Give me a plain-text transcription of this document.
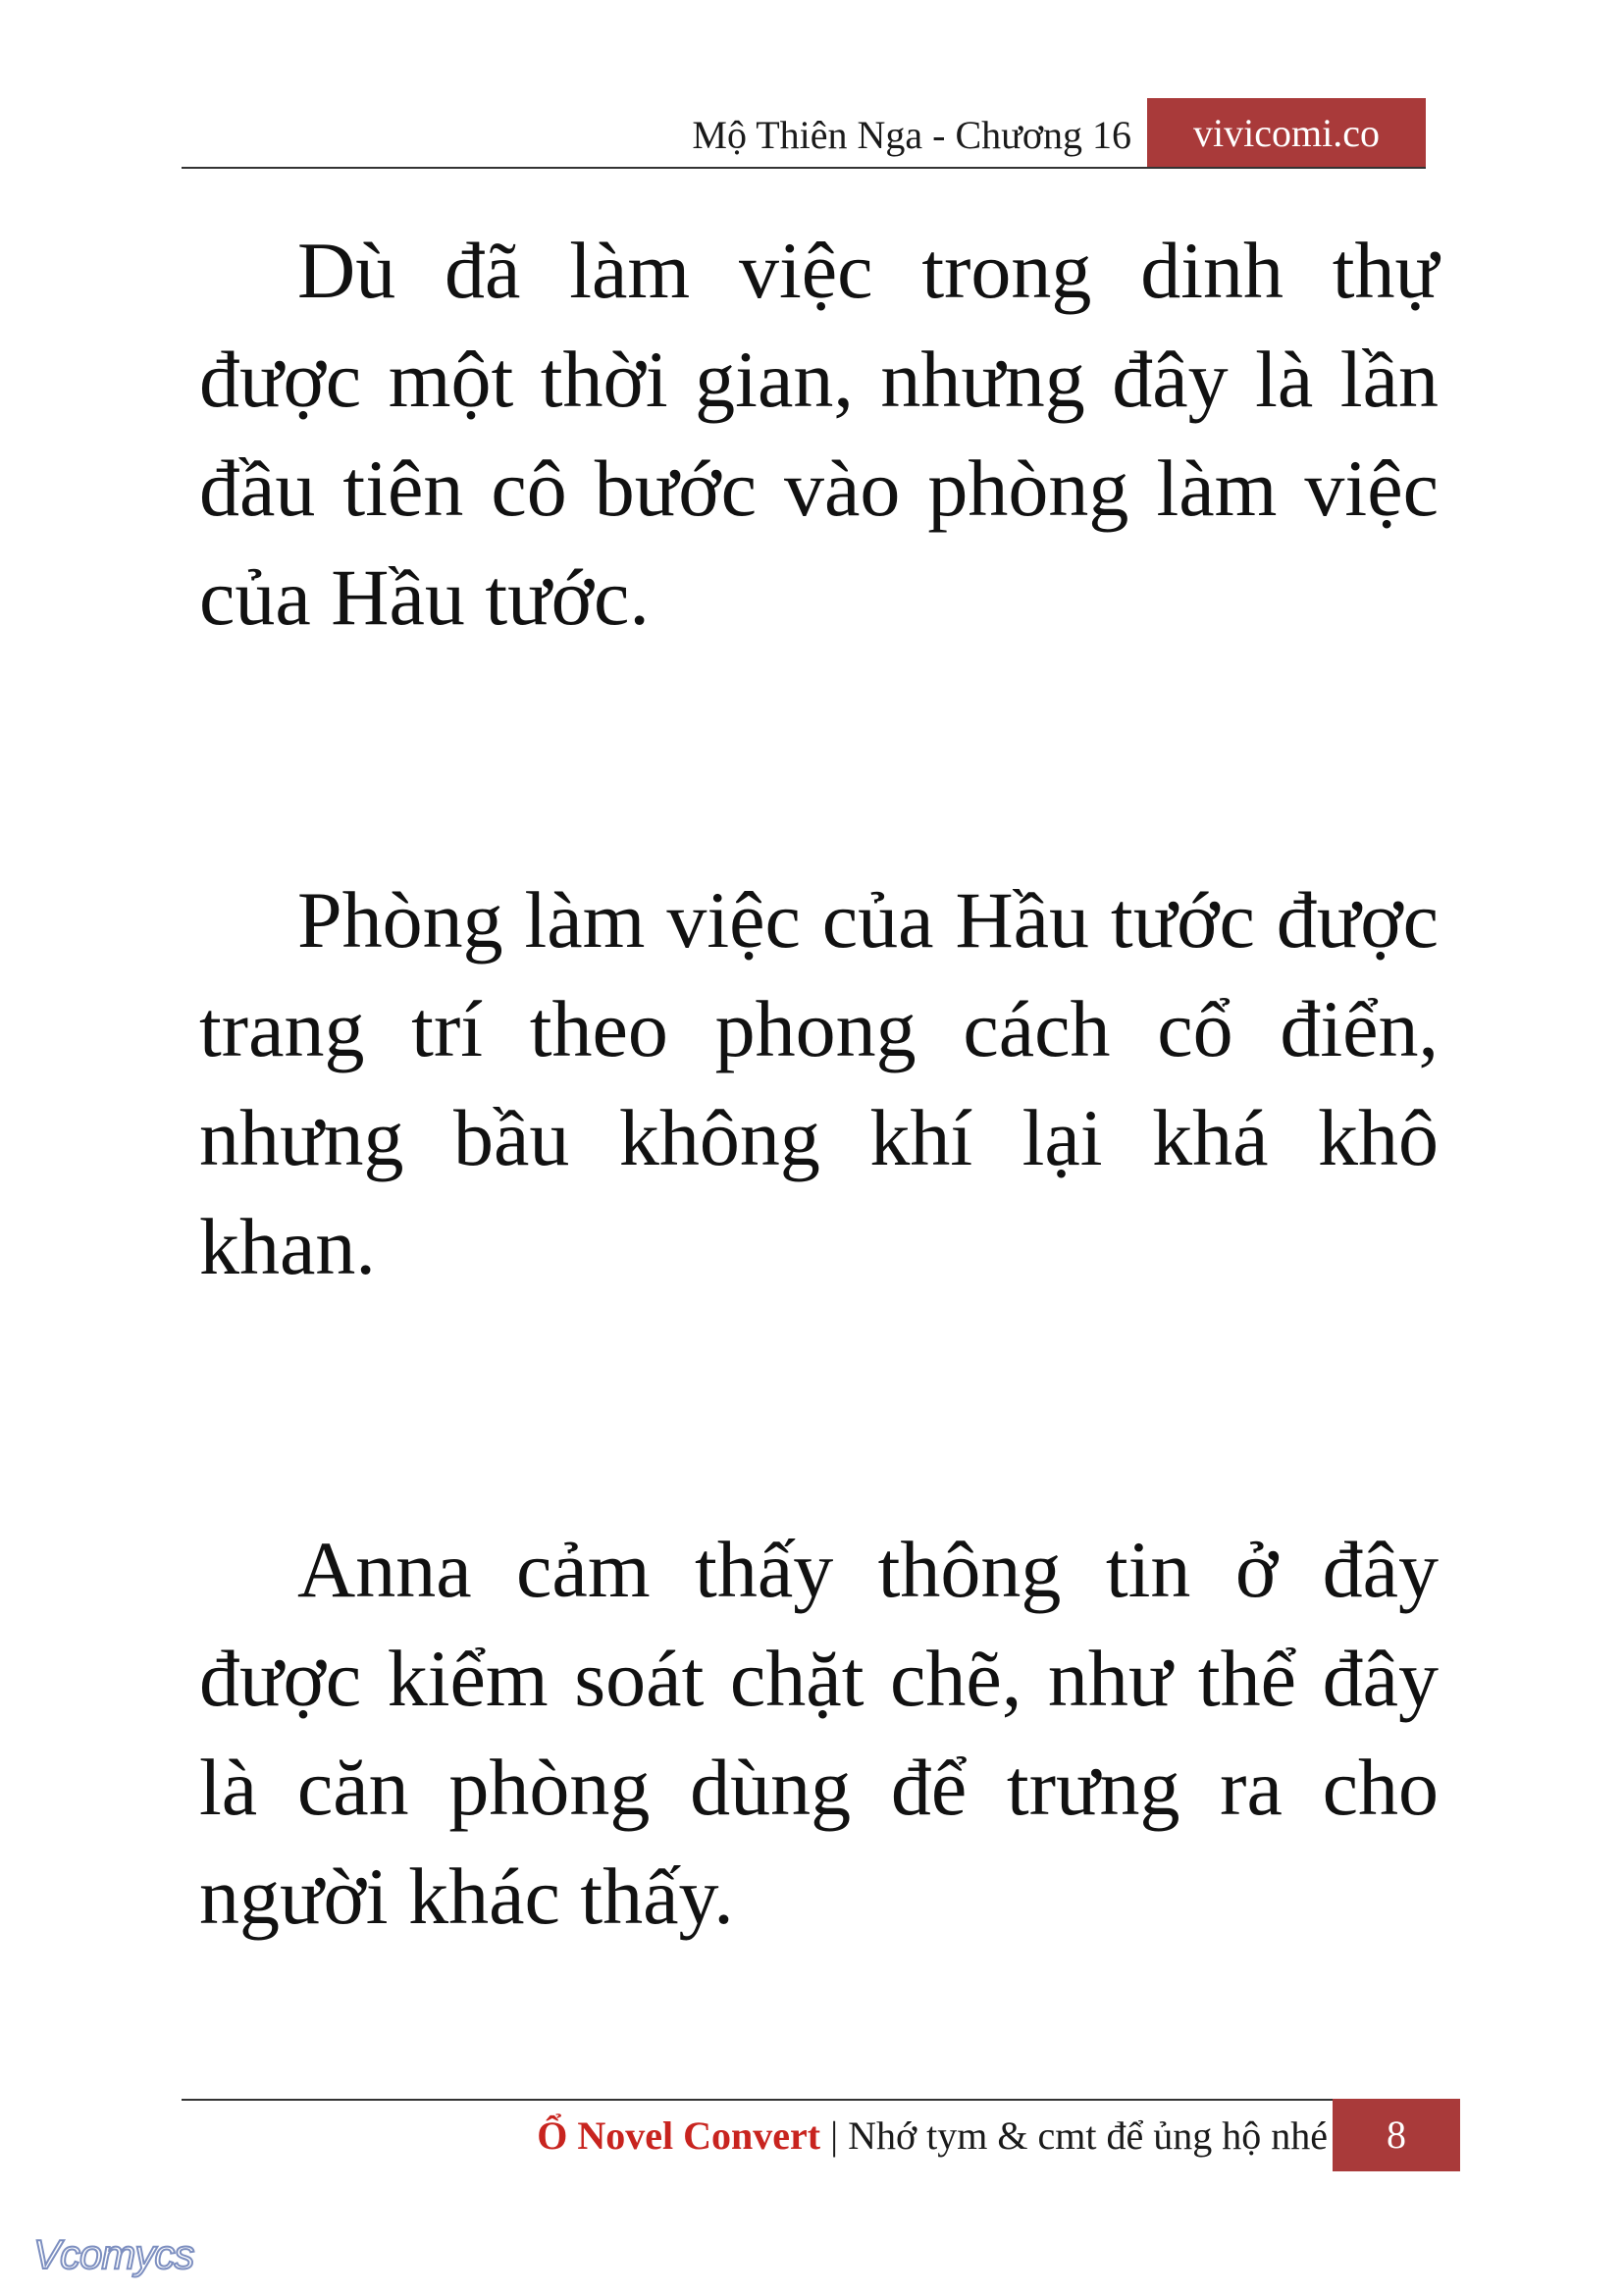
Mộ Thiên Nga - Chương 16	vivicomi.co

Dù đã làm việc trong dinh thự được một thời gian, nhưng đây là lần đầu tiên cô bước vào phòng làm việc của Hầu tước.

Phòng làm việc của Hầu tước được trang trí theo phong cách cổ điển, nhưng bầu không khí lại khá khô khan.

Anna cảm thấy thông tin ở đây được kiểm soát chặt chẽ, như thể đây là căn phòng dùng để trưng ra cho người khác thấy.

Ổ Novel Convert | Nhớ tym & cmt để ủng hộ nhé	8
Vcomycs
